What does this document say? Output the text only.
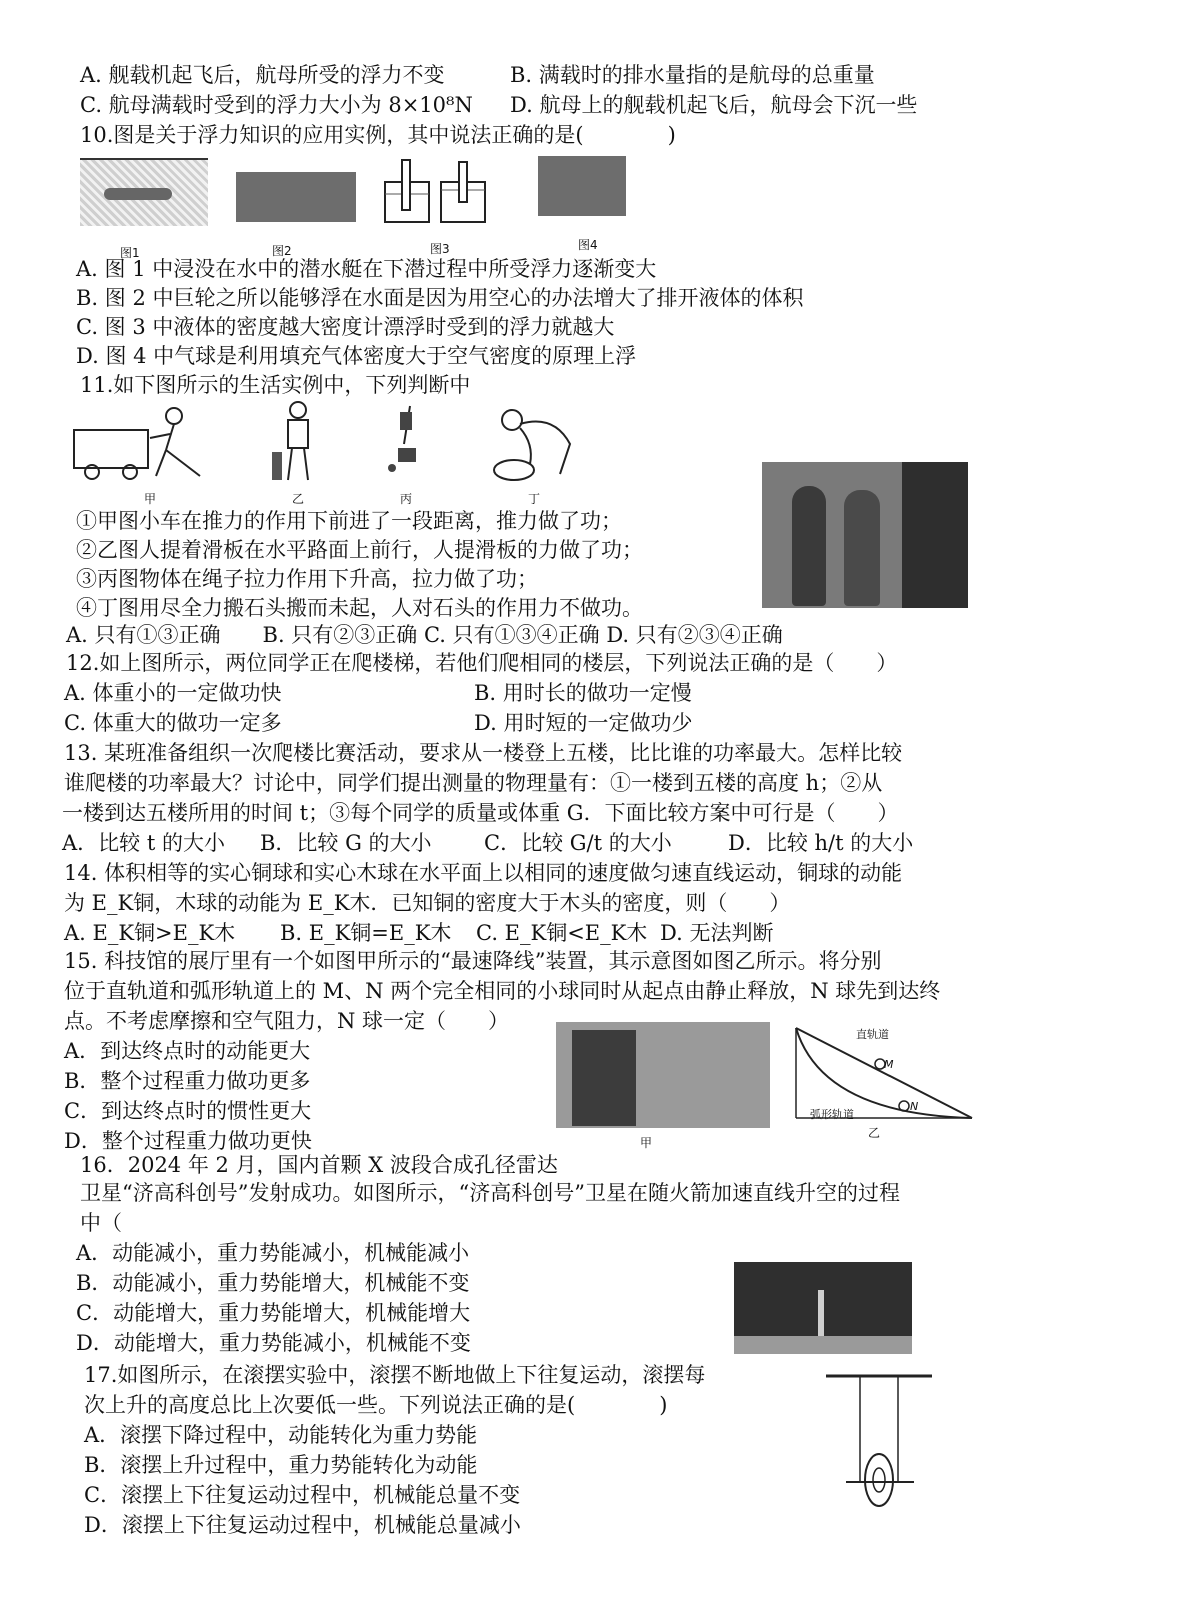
A. 舰载机起飞后，航母所受的浮力不变	B. 满载时的排水量指的是航母的总重量
C. 航母满载时受到的浮力大小为 8×10⁸N D. 航母上的舰载机起飞后，航母会下沉一些
10.图是关于浮力知识的应用实例，其中说法正确的是(　　　　)
图1	图2	图3	图4
A. 图 1 中浸没在水中的潜水艇在下潜过程中所受浮力逐渐变大
B. 图 2 中巨轮之所以能够浮在水面是因为用空心的办法增大了排开液体的体积
C. 图 3 中液体的密度越大密度计漂浮时受到的浮力就越大
D. 图 4 中气球是利用填充气体密度大于空气密度的原理上浮
11.如下图所示的生活实例中，下列判断中
甲	乙	丙	丁
①甲图小车在推力的作用下前进了一段距离，推力做了功；
②乙图人提着滑板在水平路面上前行，人提滑板的力做了功；
③丙图物体在绳子拉力作用下升高，拉力做了功；
④丁图用尽全力搬石头搬而未起，人对石头的作用力不做功。
A. 只有①③正确　　B. 只有②③正确 C. 只有①③④正确 D. 只有②③④正确
12.如上图所示，两位同学正在爬楼梯，若他们爬相同的楼层，下列说法正确的是（　　）
A. 体重小的一定做功快	B. 用时长的做功一定慢
C. 体重大的做功一定多	D. 用时短的一定做功少
13. 某班准备组织一次爬楼比赛活动，要求从一楼登上五楼，比比谁的功率最大。怎样比较
谁爬楼的功率最大？讨论中，同学们提出测量的物理量有：①一楼到五楼的高度 h；②从
一楼到达五楼所用的时间 t；③每个同学的质量或体重 G．下面比较方案中可行是（　　）
A．比较 t 的大小 B．比较 G 的大小 C．比较 G/t 的大小	D．比较 h/t 的大小
14. 体积相等的实心铜球和实心木球在水平面上以相同的速度做匀速直线运动，铜球的动能
为 E_K铜，木球的动能为 E_K木．已知铜的密度大于木头的密度，则（　　）
A. E_K铜>E_K木 B. E_K铜=E_K木 C. E_K铜<E_K木 D. 无法判断
15. 科技馆的展厅里有一个如图甲所示的“最速降线”装置，其示意图如图乙所示。将分别
位于直轨道和弧形轨道上的 M、N 两个完全相同的小球同时从起点由静止释放，N 球先到达终
点。不考虑摩擦和空气阻力，N 球一定（　　）
A．到达终点时的动能更大
B．整个过程重力做功更多
C．到达终点时的惯性更大
D．整个过程重力做功更快	甲
直轨道
M
弧形轨道
N
乙
16．2024 年 2 月，国内首颗 X 波段合成孔径雷达
卫星“济高科创号”发射成功。如图所示，“济高科创号”卫星在随火箭加速直线升空的过程
中（
A．动能减小，重力势能减小，机械能减小
B．动能减小，重力势能增大，机械能不变
C．动能增大，重力势能增大，机械能增大
D．动能增大，重力势能减小，机械能不变
17.如图所示，在滚摆实验中，滚摆不断地做上下往复运动，滚摆每
次上升的高度总比上次要低一些。下列说法正确的是(　　　　)
A．滚摆下降过程中，动能转化为重力势能
B．滚摆上升过程中，重力势能转化为动能
C．滚摆上下往复运动过程中，机械能总量不变
D．滚摆上下往复运动过程中，机械能总量减小
